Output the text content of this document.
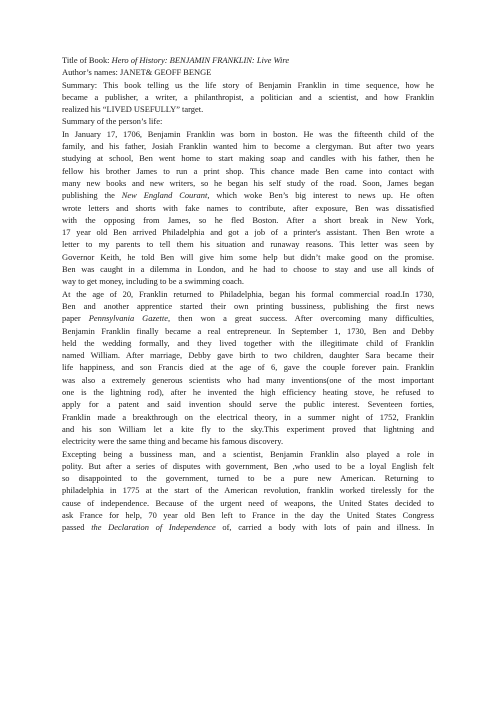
Title of Book: Hero of History: BENJAMIN FRANKLIN: Live Wire

Author’s names: JANET& GEOFF BENGE

Summary: This book telling us the life story of Benjamin Franklin in time sequence, how he
became a publisher, a writer, a philanthropist, a politician and a scientist, and how Franklin
realized his “LIVED USEFULLY” target.

Summary of the person’s life:

In January 17, 1706, Benjamin Franklin was born in boston. He was the fifteenth child of the
family, and his father, Josiah Franklin wanted him to become a clergyman. But after two years
studying at school, Ben went home to start making soap and candles with his father, then he
fellow his brother James to run a print shop. This chance made Ben came into contact with
many new books and new writers, so he began his self study of the road. Soon, James began
publishing the New England Courant, which woke Ben’s big interest to news up. He often
wrote letters and shorts with fake names to contribute, after exposure, Ben was dissatisfied
with the opposing from James, so he fled Boston. After a short break in New York,
17 year old Ben arrived Philadelphia and got a job of a printer's assistant. Then Ben wrote a
letter to my parents to tell them his situation and runaway reasons. This letter was seen by
Governor Keith, he told Ben will give him some help but didn’t make good on the promise.
Ben was caught in a dilemma in London, and he had to choose to stay and use all kinds of
way to get money, including to be a swimming coach.
At the age of 20, Franklin returned to Philadelphia, began his formal commercial road.In 1730,
Ben and another apprentice started their own printing bussiness, publishing the first news
paper Pennsylvania Gazette, then won a great success. After overcoming many difficulties,
Benjamin Franklin finally became a real entrepreneur. In September 1, 1730, Ben and Debby
held the wedding formally, and they lived together with the illegitimate child of Franklin
named William. After marriage, Debby gave birth to two children, daughter Sara became their
life happiness, and son Francis died at the age of 6, gave the couple forever pain. Franklin
was also a extremely generous scientists who had many inventions(one of the most important
one is the lightning rod), after he invented the high efficiency heating stove, he refused to
apply for a patent and said invention should serve the public interest. Seventeen forties,
Franklin made a breakthrough on the electrical theory, in a summer night of 1752, Franklin
and his son William let a kite fly to the sky.This experiment proved that lightning and
electricity were the same thing and became his famous discovery.
Excepting being a bussiness man, and a scientist, Benjamin Franklin also played a role in
polity. But after a series of disputes with government, Ben ,who used to be a loyal English felt
so disappointed to the government, turned to be a pure new American. Returning to
philadelphia in 1775 at the start of the American revolution, franklin worked tirelessly for the
cause of independence. Because of the urgent need of weapons, the United States decided to
ask France for help, 70 year old Ben left to France in the day the United States Congress
passed the Declaration of Independence of, carried a body with lots of pain and illness. In
